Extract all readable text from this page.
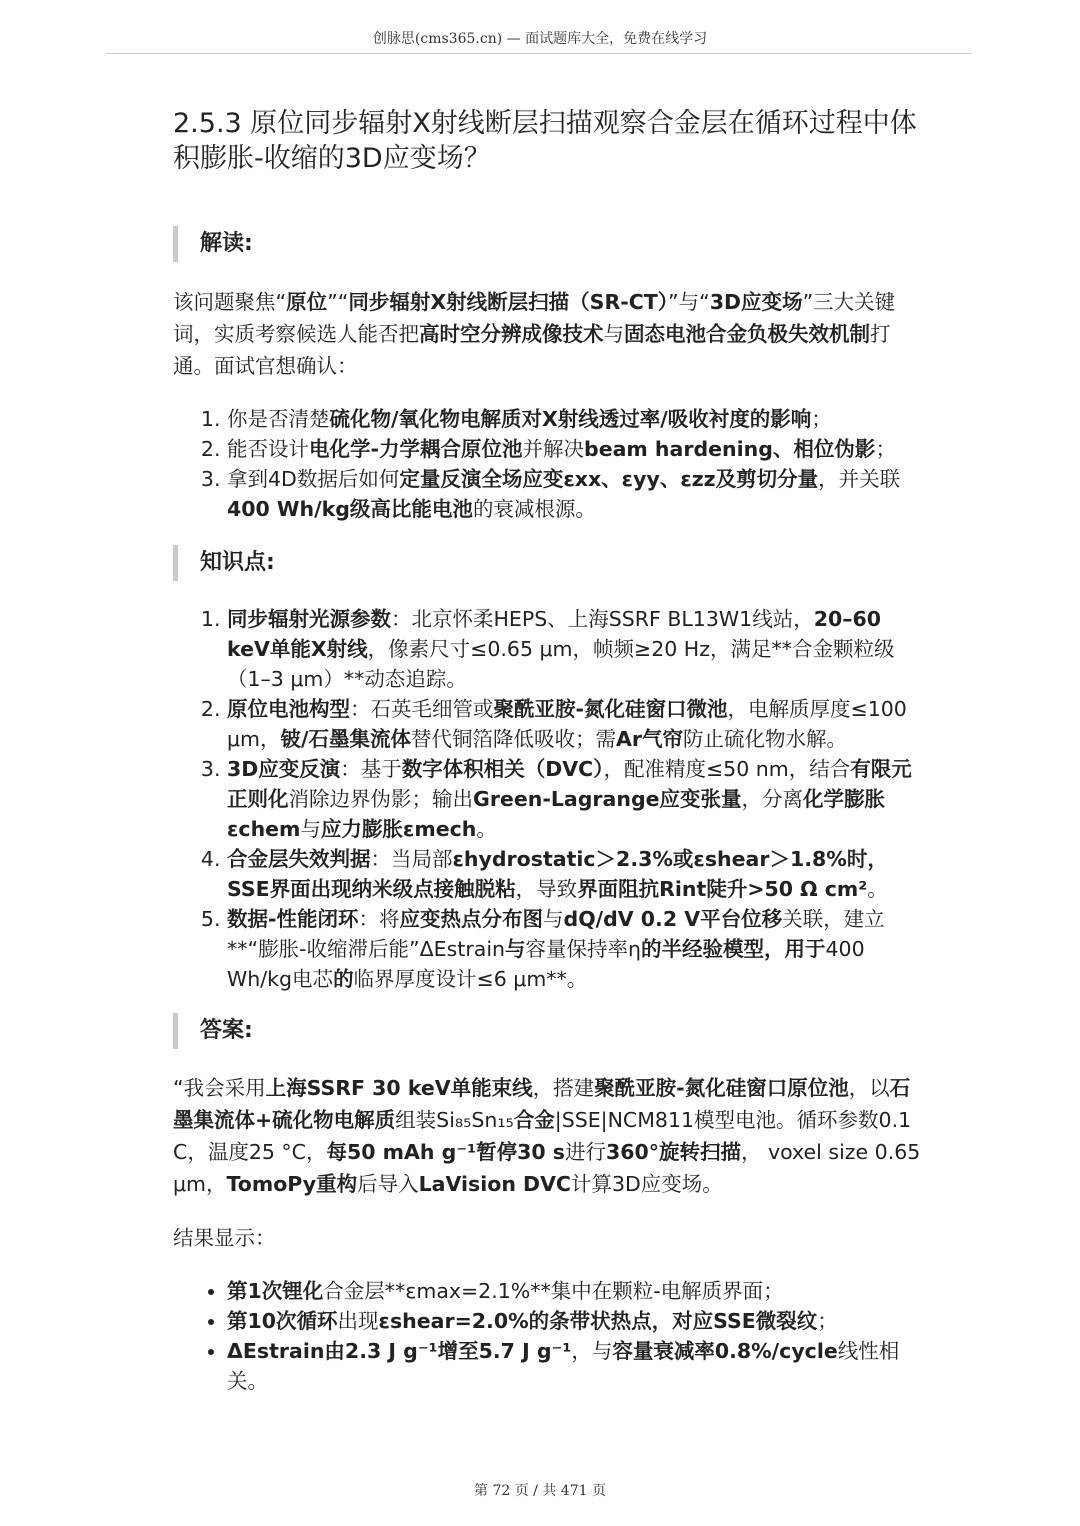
创脉思(cms365.cn) — 面试题库大全，免费在线学习
2.5.3 原位同步辐射X射线断层扫描观察合金层在循环过程中体积膨胀-收缩的3D应变场？
解读:
该问题聚焦“原位”“同步辐射X射线断层扫描（SR-CT）”与“3D应变场”三大关键词，实质考察候选人能否把高时空分辨成像技术与固态电池合金负极失效机制打通。面试官想确认：
1. 你是否清楚硫化物/氧化物电解质对X射线透过率/吸收衬度的影响；
2. 能否设计电化学-力学耦合原位池并解决beam hardening、相位伪影；
3. 拿到4D数据后如何定量反演全场应变εxx、εyy、εzz及剪切分量，并关联400 Wh/kg级高比能电池的衰减根源。
知识点:
1. 同步辐射光源参数：北京怀柔HEPS、上海SSRF BL13W1线站，20–60 keV单能X射线，像素尺寸≤0.65 μm，帧频≥20 Hz，满足**合金颗粒级（1–3 μm）**动态追踪。
2. 原位电池构型：石英毛细管或聚酰亚胺-氮化硅窗口微池，电解质厚度≤100 μm，铍/石墨集流体替代铜箔降低吸收；需Ar气帘防止硫化物水解。
3. 3D应变反演：基于数字体积相关（DVC），配准精度≤50 nm，结合有限元正则化消除边界伪影；输出Green-Lagrange应变张量，分离化学膨胀εchem与应力膨胀εmech。
4. 合金层失效判据：当局部εhydrostatic＞2.3%或εshear＞1.8%时，SSE界面出现纳米级点接触脱粘，导致界面阻抗Rint陡升>50 Ω cm²。
5. 数据-性能闭环：将应变热点分布图与dQ/dV 0.2 V平台位移关联，建立**“膨胀-收缩滞后能”ΔEstrain与容量保持率η的半经验模型，用于400 Wh/kg电芯的临界厚度设计≤6 μm**。
答案:
“我会采用上海SSRF 30 keV单能束线，搭建聚酰亚胺-氮化硅窗口原位池，以石墨集流体+硫化物电解质组装Si₈₅Sn₁₅合金|SSE|NCM811模型电池。循环参数0.1 C，温度25 °C，每50 mAh g⁻¹暂停30 s进行360°旋转扫描， voxel size 0.65 μm，TomoPy重构后导入LaVision DVC计算3D应变场。
结果显示：
• 第1次锂化合金层**εmax=2.1%**集中在颗粒-电解质界面；
• 第10次循环出现εshear=2.0%的条带状热点，对应SSE微裂纹；
• ΔEstrain由2.3 J g⁻¹增至5.7 J g⁻¹，与容量衰减率0.8%/cycle线性相关。
第 72 页 / 共 471 页
